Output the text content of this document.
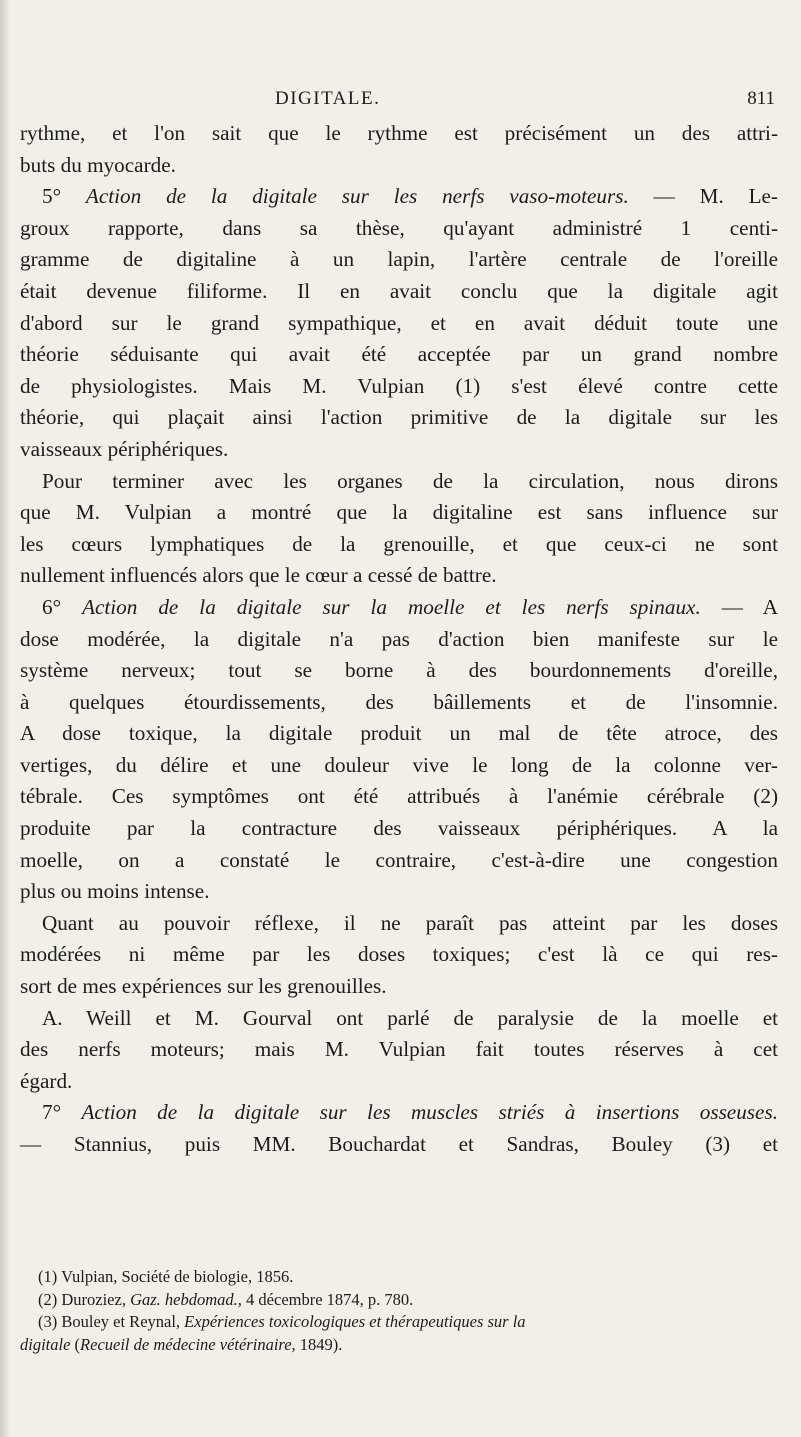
DIGITALE.	811
rythme, et l'on sait que le rythme est précisément un des attri-
buts du myocarde.
5° Action de la digitale sur les nerfs vaso-moteurs. — M. Le-
groux rapporte, dans sa thèse, qu'ayant administré 1 centi-
gramme de digitaline à un lapin, l'artère centrale de l'oreille
était devenue filiforme. Il en avait conclu que la digitale agit
d'abord sur le grand sympathique, et en avait déduit toute une
théorie séduisante qui avait été acceptée par un grand nombre
de physiologistes. Mais M. Vulpian (1) s'est élevé contre cette
théorie, qui plaçait ainsi l'action primitive de la digitale sur les
vaisseaux périphériques.
Pour terminer avec les organes de la circulation, nous dirons
que M. Vulpian a montré que la digitaline est sans influence sur
les cœurs lymphatiques de la grenouille, et que ceux-ci ne sont
nullement influencés alors que le cœur a cessé de battre.
6° Action de la digitale sur la moelle et les nerfs spinaux. — A
dose modérée, la digitale n'a pas d'action bien manifeste sur le
système nerveux; tout se borne à des bourdonnements d'oreille,
à quelques étourdissements, des bâillements et de l'insomnie.
A dose toxique, la digitale produit un mal de tête atroce, des
vertiges, du délire et une douleur vive le long de la colonne ver-
tébrale. Ces symptômes ont été attribués à l'anémie cérébrale (2)
produite par la contracture des vaisseaux périphériques. A la
moelle, on a constaté le contraire, c'est-à-dire une congestion
plus ou moins intense.
Quant au pouvoir réflexe, il ne paraît pas atteint par les doses
modérées ni même par les doses toxiques; c'est là ce qui res-
sort de mes expériences sur les grenouilles.
A. Weill et M. Gourval ont parlé de paralysie de la moelle et
des nerfs moteurs; mais M. Vulpian fait toutes réserves à cet
égard.
7° Action de la digitale sur les muscles striés à insertions osseuses.
— Stannius, puis MM. Bouchardat et Sandras, Bouley (3) et
(1) Vulpian, Société de biologie, 1856.
(2) Duroziez, Gaz. hebdomad., 4 décembre 1874, p. 780.
(3) Bouley et Reynal, Expériences toxicologiques et thérapeutiques sur la
digitale (Recueil de médecine vétérinaire, 1849).
